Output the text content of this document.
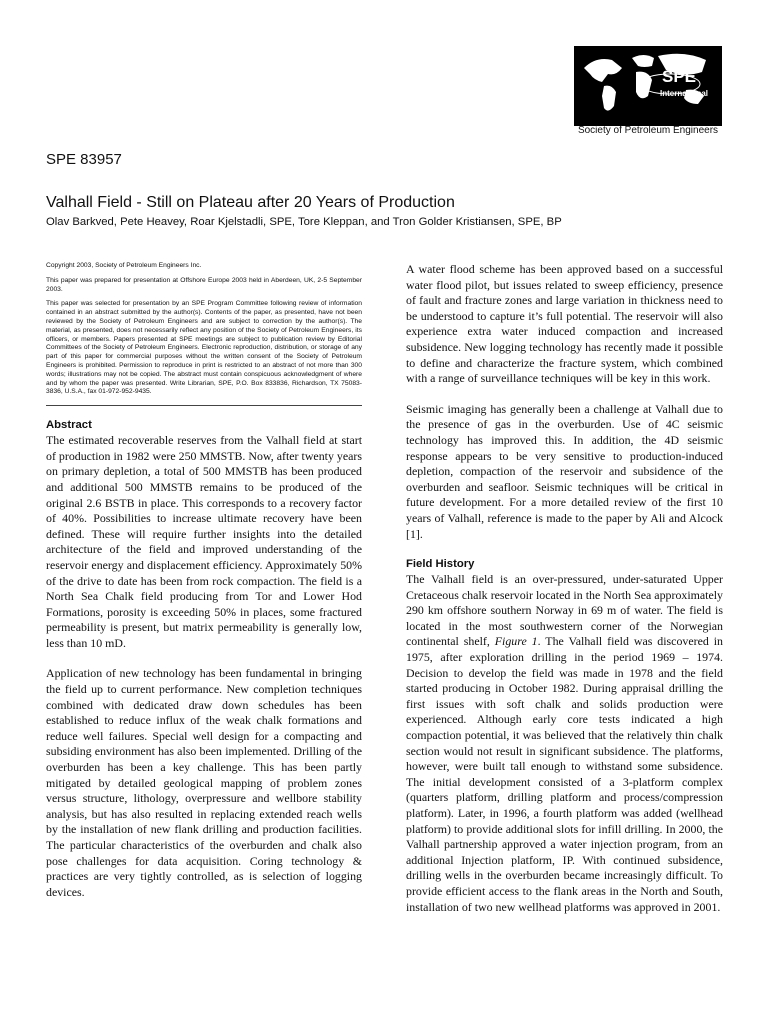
SPE
International
Society of Petroleum Engineers
SPE 83957
Valhall Field - Still on Plateau after 20 Years of Production
Olav Barkved, Pete Heavey, Roar Kjelstadli, SPE, Tore Kleppan, and Tron Golder Kristiansen, SPE, BP

Copyright 2003, Society of Petroleum Engineers Inc.

This paper was prepared for presentation at Offshore Europe 2003 held in Aberdeen, UK, 2-5 September 2003.

This paper was selected for presentation by an SPE Program Committee following review of information contained in an abstract submitted by the author(s). Contents of the paper, as presented, have not been reviewed by the Society of Petroleum Engineers and are subject to correction by the author(s). The material, as presented, does not necessarily reflect any position of the Society of Petroleum Engineers, its officers, or members. Papers presented at SPE meetings are subject to publication review by Editorial Committees of the Society of Petroleum Engineers. Electronic reproduction, distribution, or storage of any part of this paper for commercial purposes without the written consent of the Society of Petroleum Engineers is prohibited. Permission to reproduce in print is restricted to an abstract of not more than 300 words; illustrations may not be copied. The abstract must contain conspicuous acknowledgment of where and by whom the paper was presented. Write Librarian, SPE, P.O. Box 833836, Richardson, TX 75083-3836, U.S.A., fax 01-972-952-9435.

Abstract

The estimated recoverable reserves from the Valhall field at start of production in 1982 were 250 MMSTB. Now, after twenty years on primary depletion, a total of 500 MMSTB has been produced and additional 500 MMSTB remains to be produced of the original 2.6 BSTB in place. This corresponds to a recovery factor of 40%. Possibilities to increase ultimate recovery have been defined. These will require further insights into the detailed architecture of the field and improved understanding of the reservoir energy and displacement efficiency. Approximately 50% of the drive to date has been from rock compaction. The field is a North Sea Chalk field producing from Tor and Lower Hod Formations, porosity is exceeding 50% in places, some fractured permeability is present, but matrix permeability is generally low, less than 10 mD.

Application of new technology has been fundamental in bringing the field up to current performance. New completion techniques combined with dedicated draw down schedules has been established to reduce influx of the weak chalk formations and reduce well failures. Special well design for a compacting and subsiding environment has also been implemented. Drilling of the overburden has been a key challenge. This has been partly mitigated by detailed geological mapping of problem zones versus structure, lithology, overpressure and wellbore stability analysis, but has also resulted in replacing extended reach wells by the installation of new flank drilling and production facilities. The particular characteristics of the overburden and chalk also pose challenges for data acquisition. Coring technology & practices are very tightly controlled, as is selection of logging devices.

A water flood scheme has been approved based on a successful water flood pilot, but issues related to sweep efficiency, presence of fault and fracture zones and large variation in thickness need to be understood to capture it’s full potential. The reservoir will also experience extra water induced compaction and increased subsidence. New logging technology has recently made it possible to define and characterize the fracture system, which combined with a range of surveillance techniques will be key in this work.

Seismic imaging has generally been a challenge at Valhall due to the presence of gas in the overburden. Use of 4C seismic technology has improved this. In addition, the 4D seismic response appears to be very sensitive to production-induced depletion, compaction of the reservoir and subsidence of the overburden and seafloor. Seismic techniques will be critical in future development. For a more detailed review of the first 10 years of Valhall, reference is made to the paper by Ali and Alcock [1].

Field History

The Valhall field is an over-pressured, under-saturated Upper Cretaceous chalk reservoir located in the North Sea approximately 290 km offshore southern Norway in 69 m of water. The field is located in the most southwestern corner of the Norwegian continental shelf, Figure 1. The Valhall field was discovered in 1975, after exploration drilling in the period 1969 – 1974. Decision to develop the field was made in 1978 and the field started producing in October 1982. During appraisal drilling the first issues with soft chalk and solids production were experienced. Although early core tests indicated a high compaction potential, it was believed that the relatively thin chalk section would not result in significant subsidence. The platforms, however, were built tall enough to withstand some subsidence. The initial development consisted of a 3-platform complex (quarters platform, drilling platform and process/compression platform). Later, in 1996, a fourth platform was added (wellhead platform) to provide additional slots for infill drilling. In 2000, the Valhall partnership approved a water injection program, from an additional Injection platform, IP. With continued subsidence, drilling wells in the overburden became increasingly difficult. To provide efficient access to the flank areas in the North and South, installation of two new wellhead platforms was approved in 2001.
